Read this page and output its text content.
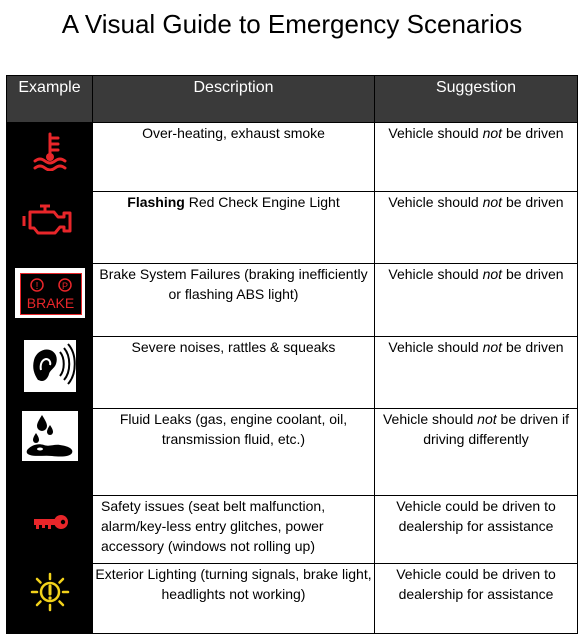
A Visual Guide to Emergency Scenarios
Example	Description	Suggestion

	Over-heating, exhaust smoke	Vehicle should not be driven

	Flashing Red Check Engine Light	Vehicle should not be driven

! P
BRAKE	Brake System Failures (braking inefficiently or flashing ABS light)	Vehicle should not be driven

	Severe noises, rattles & squeaks	Vehicle should not be driven

	Fluid Leaks (gas, engine coolant, oil, transmission fluid, etc.)	Vehicle should not be driven if driving differently

	Safety issues (seat belt malfunction, alarm/key-less entry glitches, power accessory (windows not rolling up)	Vehicle could be driven to dealership for assistance

	Exterior Lighting (turning signals, brake light, headlights not working)	Vehicle could be driven to dealership for assistance
